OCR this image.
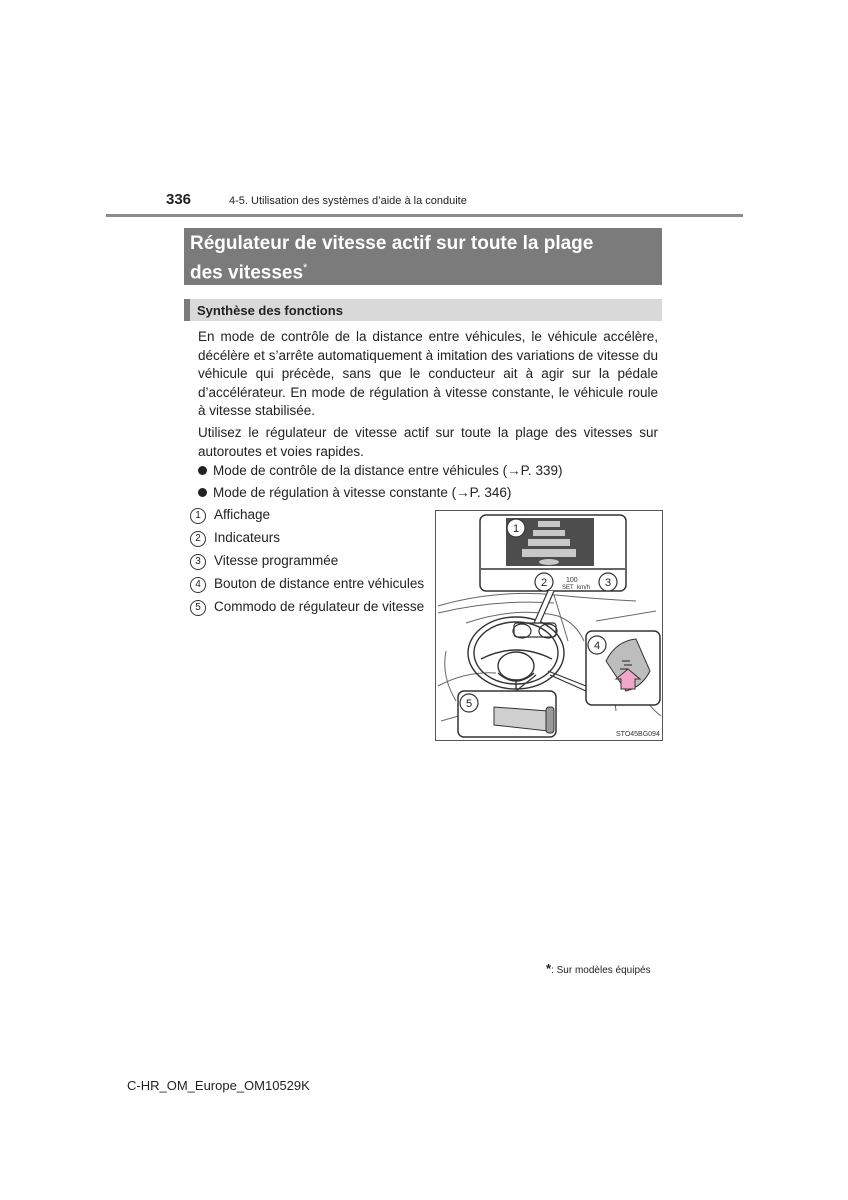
336	4-5. Utilisation des systèmes d’aide à la conduite
Régulateur de vitesse actif sur toute la plage
des vitesses*
Synthèse des fonctions
En mode de contrôle de la distance entre véhicules, le véhicule accélère, décélère et s’arrête automatiquement à imitation des variations de vitesse du véhicule qui précède, sans que le conducteur ait à agir sur la pédale d’accélérateur. En mode de régulation à vitesse constante, le véhicule roule à vitesse stabilisée.
Utilisez le régulateur de vitesse actif sur toute la plage des vitesses sur autoroutes et voies rapides.
Mode de contrôle de la distance entre véhicules (→P. 339)
Mode de régulation à vitesse constante (→P. 346)
1 Affichage
2 Indicateurs
3 Vitesse programmée
4 Bouton de distance entre véhicules
5 Commodo de régulateur de vitesse
100
SET km/h
1
2	3
4
5
STO45BG094
*: Sur modèles équipés
C-HR_OM_Europe_OM10529K
